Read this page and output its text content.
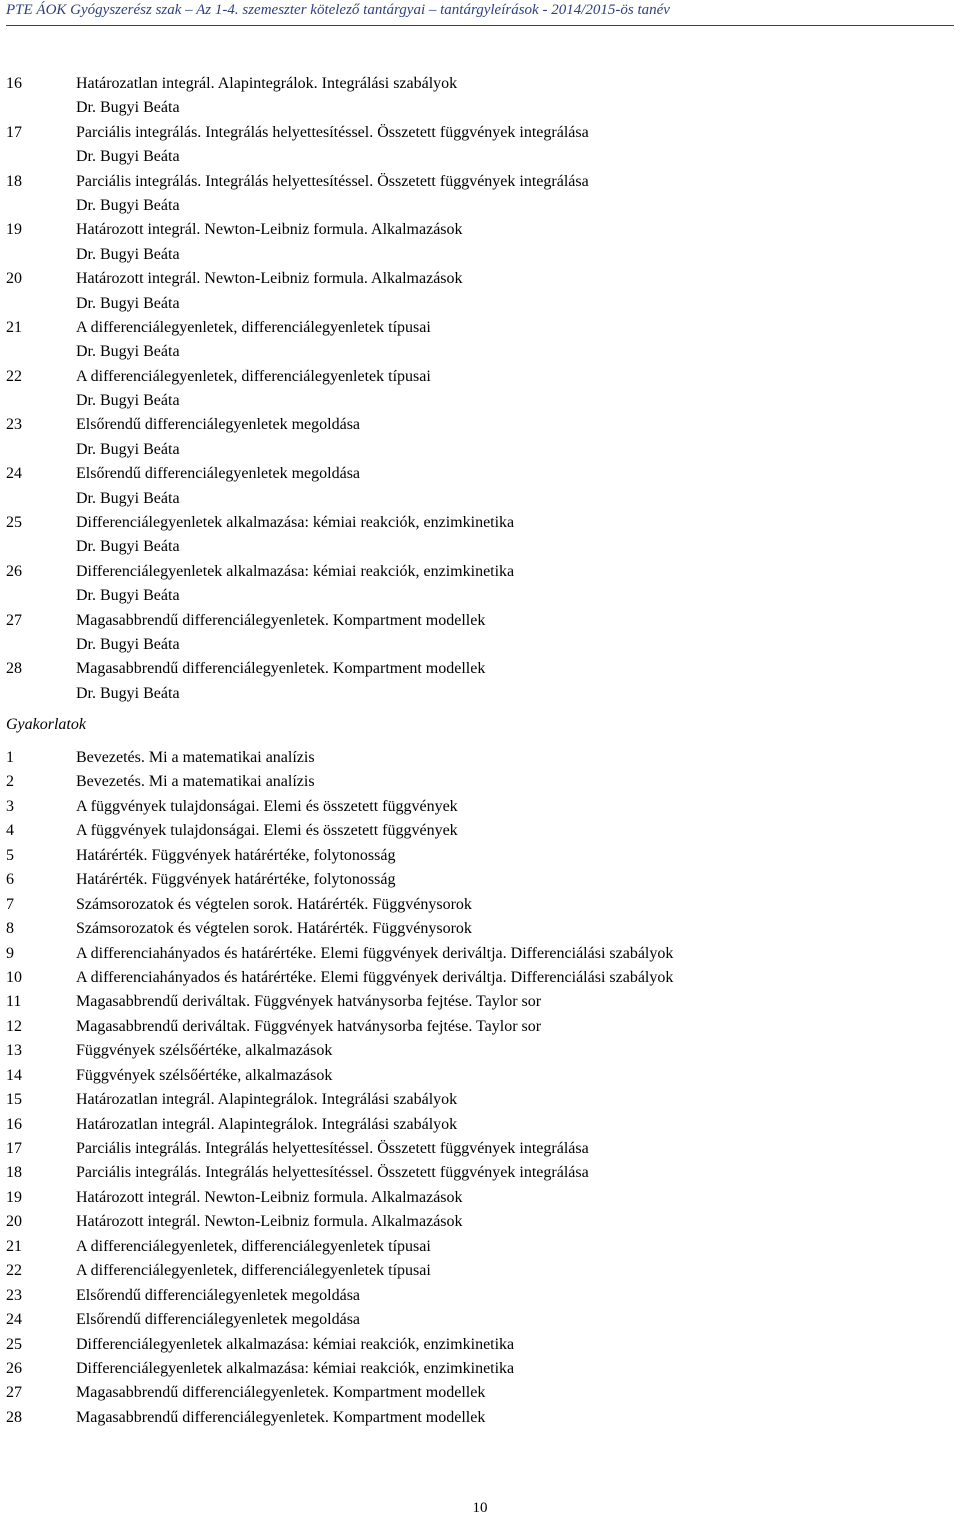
PTE ÁOK Gyógyszerész szak – Az 1-4. szemeszter kötelező tantárgyai – tantárgyleírások - 2014/2015-ös tanév
16	Határozatlan integrál. Alapintegrálok. Integrálási szabályok
Dr. Bugyi Beáta
17	Parciális integrálás. Integrálás helyettesítéssel. Összetett függvények integrálása
Dr. Bugyi Beáta
18	Parciális integrálás. Integrálás helyettesítéssel. Összetett függvények integrálása
Dr. Bugyi Beáta
19	Határozott integrál. Newton-Leibniz formula. Alkalmazások
Dr. Bugyi Beáta
20	Határozott integrál. Newton-Leibniz formula. Alkalmazások
Dr. Bugyi Beáta
21	A differenciálegyenletek, differenciálegyenletek típusai
Dr. Bugyi Beáta
22	A differenciálegyenletek, differenciálegyenletek típusai
Dr. Bugyi Beáta
23	Elsőrendű differenciálegyenletek megoldása
Dr. Bugyi Beáta
24	Elsőrendű differenciálegyenletek megoldása
Dr. Bugyi Beáta
25	Differenciálegyenletek alkalmazása: kémiai reakciók, enzimkinetika
Dr. Bugyi Beáta
26	Differenciálegyenletek alkalmazása: kémiai reakciók, enzimkinetika
Dr. Bugyi Beáta
27	Magasabbrendű differenciálegyenletek. Kompartment modellek
Dr. Bugyi Beáta
28	Magasabbrendű differenciálegyenletek. Kompartment modellek
Dr. Bugyi Beáta
Gyakorlatok
1	Bevezetés. Mi a matematikai analízis
2	Bevezetés. Mi a matematikai analízis
3	A függvények tulajdonságai. Elemi és összetett függvények
4	A függvények tulajdonságai. Elemi és összetett függvények
5	Határérték. Függvények határértéke, folytonosság
6	Határérték. Függvények határértéke, folytonosság
7	Számsorozatok és végtelen sorok. Határérték. Függvénysorok
8	Számsorozatok és végtelen sorok. Határérték. Függvénysorok
9	A differenciahányados és határértéke. Elemi függvények deriváltja. Differenciálási szabályok
10	A differenciahányados és határértéke. Elemi függvények deriváltja. Differenciálási szabályok
11	Magasabbrendű deriváltak. Függvények hatványsorba fejtése. Taylor sor
12	Magasabbrendű deriváltak. Függvények hatványsorba fejtése. Taylor sor
13	Függvények szélsőértéke, alkalmazások
14	Függvények szélsőértéke, alkalmazások
15	Határozatlan integrál. Alapintegrálok. Integrálási szabályok
16	Határozatlan integrál. Alapintegrálok. Integrálási szabályok
17	Parciális integrálás. Integrálás helyettesítéssel. Összetett függvények integrálása
18	Parciális integrálás. Integrálás helyettesítéssel. Összetett függvények integrálása
19	Határozott integrál. Newton-Leibniz formula. Alkalmazások
20	Határozott integrál. Newton-Leibniz formula. Alkalmazások
21	A differenciálegyenletek, differenciálegyenletek típusai
22	A differenciálegyenletek, differenciálegyenletek típusai
23	Elsőrendű differenciálegyenletek megoldása
24	Elsőrendű differenciálegyenletek megoldása
25	Differenciálegyenletek alkalmazása: kémiai reakciók, enzimkinetika
26	Differenciálegyenletek alkalmazása: kémiai reakciók, enzimkinetika
27	Magasabbrendű differenciálegyenletek. Kompartment modellek
28	Magasabbrendű differenciálegyenletek. Kompartment modellek
10
